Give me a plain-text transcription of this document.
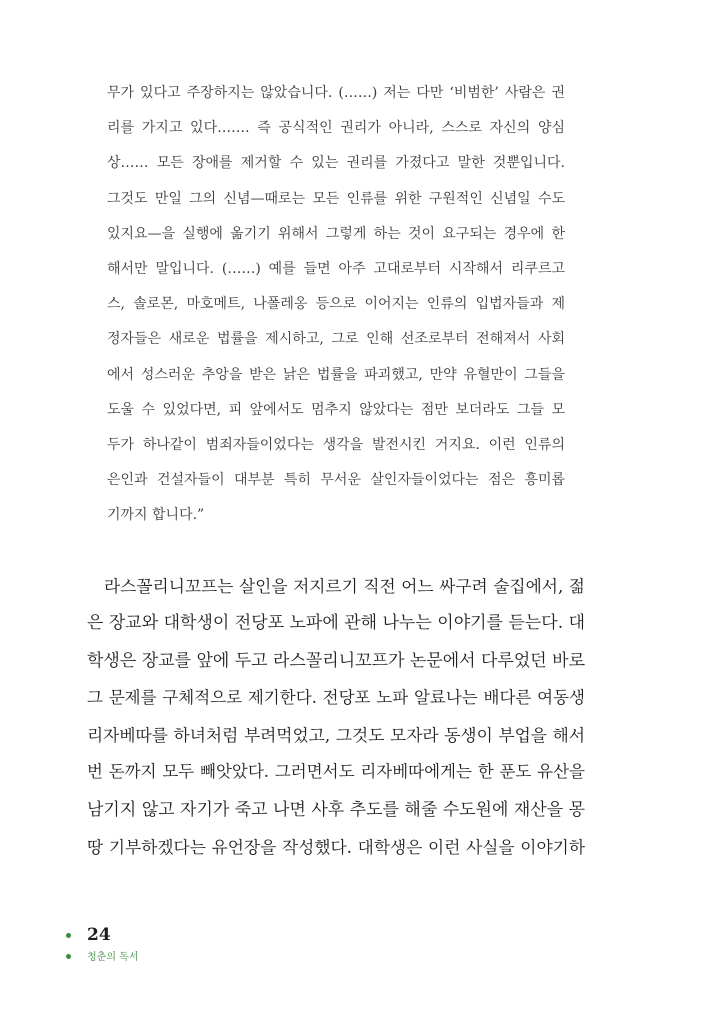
무가 있다고 주장하지는 않았습니다. (……) 저는 다만 ‘비범한’ 사람은 권
리를 가지고 있다……. 즉 공식적인 권리가 아니라, 스스로 자신의 양심
상…… 모든 장애를 제거할 수 있는 권리를 가졌다고 말한 것뿐입니다.
그것도 만일 그의 신념—때로는 모든 인류를 위한 구원적인 신념일 수도
있지요—을 실행에 옮기기 위해서 그렇게 하는 것이 요구되는 경우에 한
해서만 말입니다. (……) 예를 들면 아주 고대로부터 시작해서 리쿠르고
스, 솔로몬, 마호메트, 나폴레옹 등으로 이어지는 인류의 입법자들과 제
정자들은 새로운 법률을 제시하고, 그로 인해 선조로부터 전해져서 사회
에서 성스러운 추앙을 받은 낡은 법률을 파괴했고, 만약 유혈만이 그들을
도울 수 있었다면, 피 앞에서도 멈추지 않았다는 점만 보더라도 그들 모
두가 하나같이 범죄자들이었다는 생각을 발전시킨 거지요. 이런 인류의
은인과 건설자들이 대부분 특히 무서운 살인자들이었다는 점은 흥미롭
기까지 합니다.”
라스꼴리니꼬프는 살인을 저지르기 직전 어느 싸구려 술집에서, 젊
은 장교와 대학생이 전당포 노파에 관해 나누는 이야기를 듣는다. 대
학생은 장교를 앞에 두고 라스꼴리니꼬프가 논문에서 다루었던 바로
그 문제를 구체적으로 제기한다. 전당포 노파 알료나는 배다른 여동생
리자베따를 하녀처럼 부려먹었고, 그것도 모자라 동생이 부업을 해서
번 돈까지 모두 빼앗았다. 그러면서도 리자베따에게는 한 푼도 유산을
남기지 않고 자기가 죽고 나면 사후 추도를 해줄 수도원에 재산을 몽
땅 기부하겠다는 유언장을 작성했다. 대학생은 이런 사실을 이야기하
24
청춘의 독서
